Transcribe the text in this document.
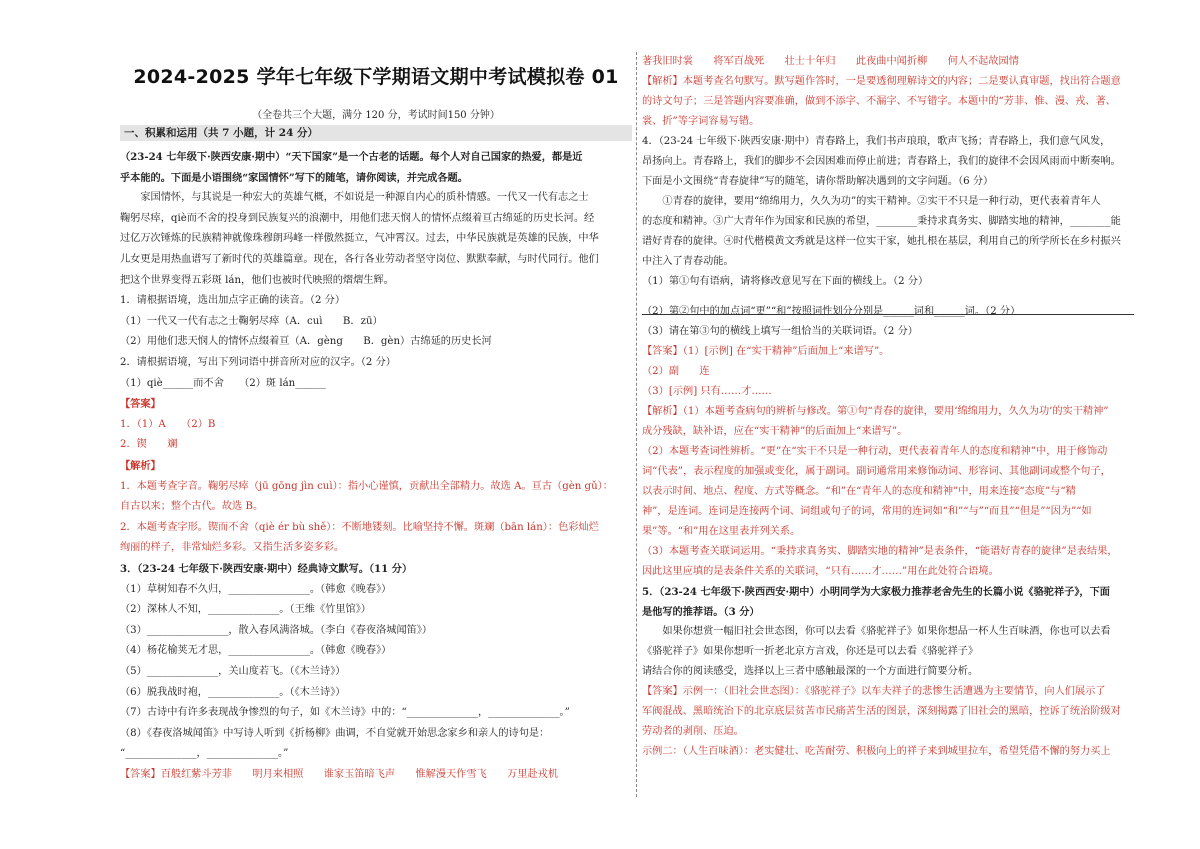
2024-2025 学年七年级下学期语文期中考试模拟卷 01
（全卷共三个大题，满分 120 分，考试时间150 分钟）
一、积累和运用（共 7 小题，计 24 分）
（23-24 七年级下·陕西安康·期中）“天下国家”是一个古老的话题。每个人对自己国家的热爱，都是近
乎本能的。下面是小语围绕“家国情怀”写下的随笔，请你阅读，并完成各题。
　　家国情怀，与其说是一种宏大的英雄气概，不如说是一种源自内心的质朴情感。一代又一代有志之士
鞠躬尽瘁，qiè而不舍的投身到民族复兴的浪潮中，用他们悲天悯人的情怀点缀着亘古绵延的历史长河。经
过亿万次锤炼的民族精神就像珠穆朗玛峰一样傲然挺立，气冲霄汉。过去，中华民族就是英雄的民族，中华
儿女更是用热血谱写了新时代的英雄篇章。现在，各行各业劳动者坚守岗位、默默奉献，与时代同行。他们
把这个世界变得五彩斑 lán，他们也被时代映照的熠熠生辉。
1．请根据语境，选出加点字正确的读音。（2 分）
（1）一代又一代有志之士鞠躬尽瘁（A．cuì　　B．zū）
（2）用他们悲天悯人的情怀点缀着亘（A．gèng　　B．gèn）古绵延的历史长河
2．请根据语境，写出下列词语中拼音所对应的汉字。（2 分）
（1）qiè______而不舍　　（2）斑 lán______
【答案】
1．（1）A　　（2）B
2．锲　　斓
【解析】
1．本题考查字音。鞠躬尽瘁（jū gōng jìn cuì）：指小心谨慎，贡献出全部精力。故选 A。亘古（gèn gǔ）：
自古以来；整个古代。故选 B。
2．本题考查字形。锲而不舍（qiè ér bù shě）：不断地镂刻。比喻坚持不懈。斑斓（bān lán）：色彩灿烂
绚丽的样子，非常灿烂多彩。又指生活多姿多彩。
3．（23-24 七年级下·陕西安康·期中）经典诗文默写。（11 分）
（1）草树知春不久归，________________。（韩愈《晚春》）
（2）深林人不知，______________。（王维《竹里馆》）
（3）________________，散入春风满洛城。（李白《春夜洛城闻笛》）
（4）杨花榆荚无才思，________________。（韩愈《晚春》）
（5）______________，关山度若飞。（《木兰诗》）
（6）脱我战时袍，______________。（《木兰诗》）
（7）古诗中有许多表现战争惨烈的句子，如《木兰诗》中的：“______________，______________。”
（8）《春夜洛城闻笛》中写诗人听到《折杨柳》曲调，不自觉就开始思念家乡和亲人的诗句是：
“______________，______________。”
【答案】百般红紫斗芳菲　　明月来相照　　谁家玉笛暗飞声　　惟解漫天作雪飞　　万里赴戎机
著我旧时裳　　将军百战死　　壮士十年归　　此夜曲中闻折柳　　何人不起故园情
【解析】本题考查名句默写。默写题作答时，一是要透彻理解诗文的内容；二是要认真审题，找出符合题意
的诗文句子；三是答题内容要准确，做到不添字、不漏字、不写错字。本题中的“芳菲、惟、漫、戎、著、
裳、折”等字词容易写错。
4．（23-24 七年级下·陕西安康·期中）青春路上，我们书声琅琅，歌声飞扬；青春路上，我们意气风发，
昂扬向上。青春路上，我们的脚步不会因困难而停止前进；青春路上，我们的旋律不会因风雨而中断奏响。
下面是小文围绕“青春旋律”写的随笔，请你帮助解决遇到的文字问题。（6 分）
　　①青春的旋律，要用“绵绵用力，久久为功”的实干精神。②实干不只是一种行动，更代表着青年人
的态度和精神。③广大青年作为国家和民族的希望，________秉持求真务实、脚踏实地的精神，________能
谱好青春的旋律。④时代楷模黄文秀就是这样一位实干家，她扎根在基层，利用自己的所学所长在乡村振兴
中注入了青春动能。
（1）第①句有语病，请将修改意见写在下面的横线上。（2 分）
（2）第②句中的加点词“更”“和”按照词性划分分别是______词和______词。（2 分）
（3）请在第③句的横线上填写一组恰当的关联词语。（2 分）
【答案】（1）[示例] 在“实干精神”后面加上“来谱写”。
（2）副　　连
（3）[示例] 只有……才……
【解析】（1）本题考查病句的辨析与修改。第①句“青春的旋律，要用‘绵绵用力，久久为功’的实干精神”
成分残缺，缺补语，应在“实干精神”的后面加上“来谱写”。
（2）本题考查词性辨析。“更”在“实干不只是一种行动，更代表着青年人的态度和精神”中，用于修饰动
词“代表”，表示程度的加强或变化，属于副词。副词通常用来修饰动词、形容词、其他副词或整个句子，
以表示时间、地点、程度、方式等概念。“和”在“青年人的态度和精神”中，用来连接“态度”与“精
神”，是连词。连词是连接两个词、词组或句子的词，常用的连词如“和”“与”“而且”“但是”“因为”“如
果”等。“和”用在这里表并列关系。
（3）本题考查关联词运用。“秉持求真务实、脚踏实地的精神”是表条件，“能谱好青春的旋律”是表结果，
因此这里应填的是表条件关系的关联词，“只有……才……”用在此处符合语境。
5．（23-24 七年级下·陕西西安·期中）小明同学为大家极力推荐老舍先生的长篇小说《骆驼祥子》，下面
是他写的推荐语。（3 分）
　　如果你想赏一幅旧社会世态图，你可以去看《骆驼祥子》如果你想品一杯人生百味酒，你也可以去看
《骆驼祥子》如果你想听一折老北京方言戏，你还是可以去看《骆驼祥子》
请结合你的阅读感受，选择以上三者中感触最深的一个方面进行简要分析。
【答案】示例一：（旧社会世态图）：《骆驼祥子》以车夫祥子的悲惨生活遭遇为主要情节，向人们展示了
军阀混战、黑暗统治下的北京底层贫苦市民痛苦生活的图景，深刻揭露了旧社会的黑暗，控诉了统治阶级对
劳动者的剥削、压迫。
示例二：（人生百味酒）：老实健壮、吃苦耐劳、积极向上的祥子来到城里拉车，希望凭借不懈的努力买上
